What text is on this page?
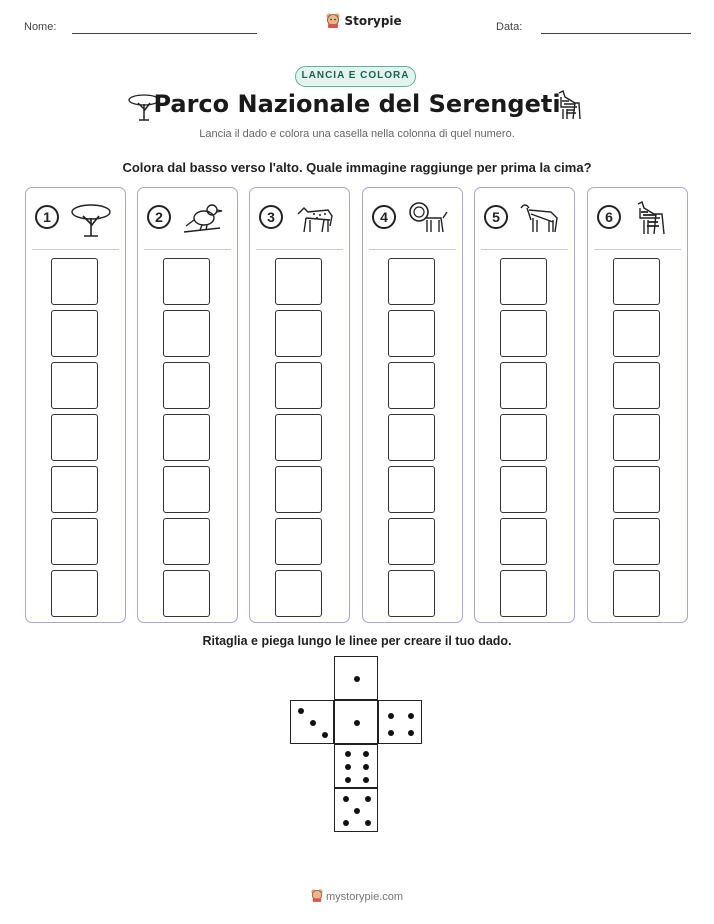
Nome:	Storypie	Data:
LANCIA E COLORA
Parco Nazionale del Serengeti
Lancia il dado e colora una casella nella colonna di quel numero.
Colora dal basso verso l'alto. Quale immagine raggiunge per prima la cima?
1	2	3	4	5	6
Ritaglia e piega lungo le linee per creare il tuo dado.
mystorypie.com
